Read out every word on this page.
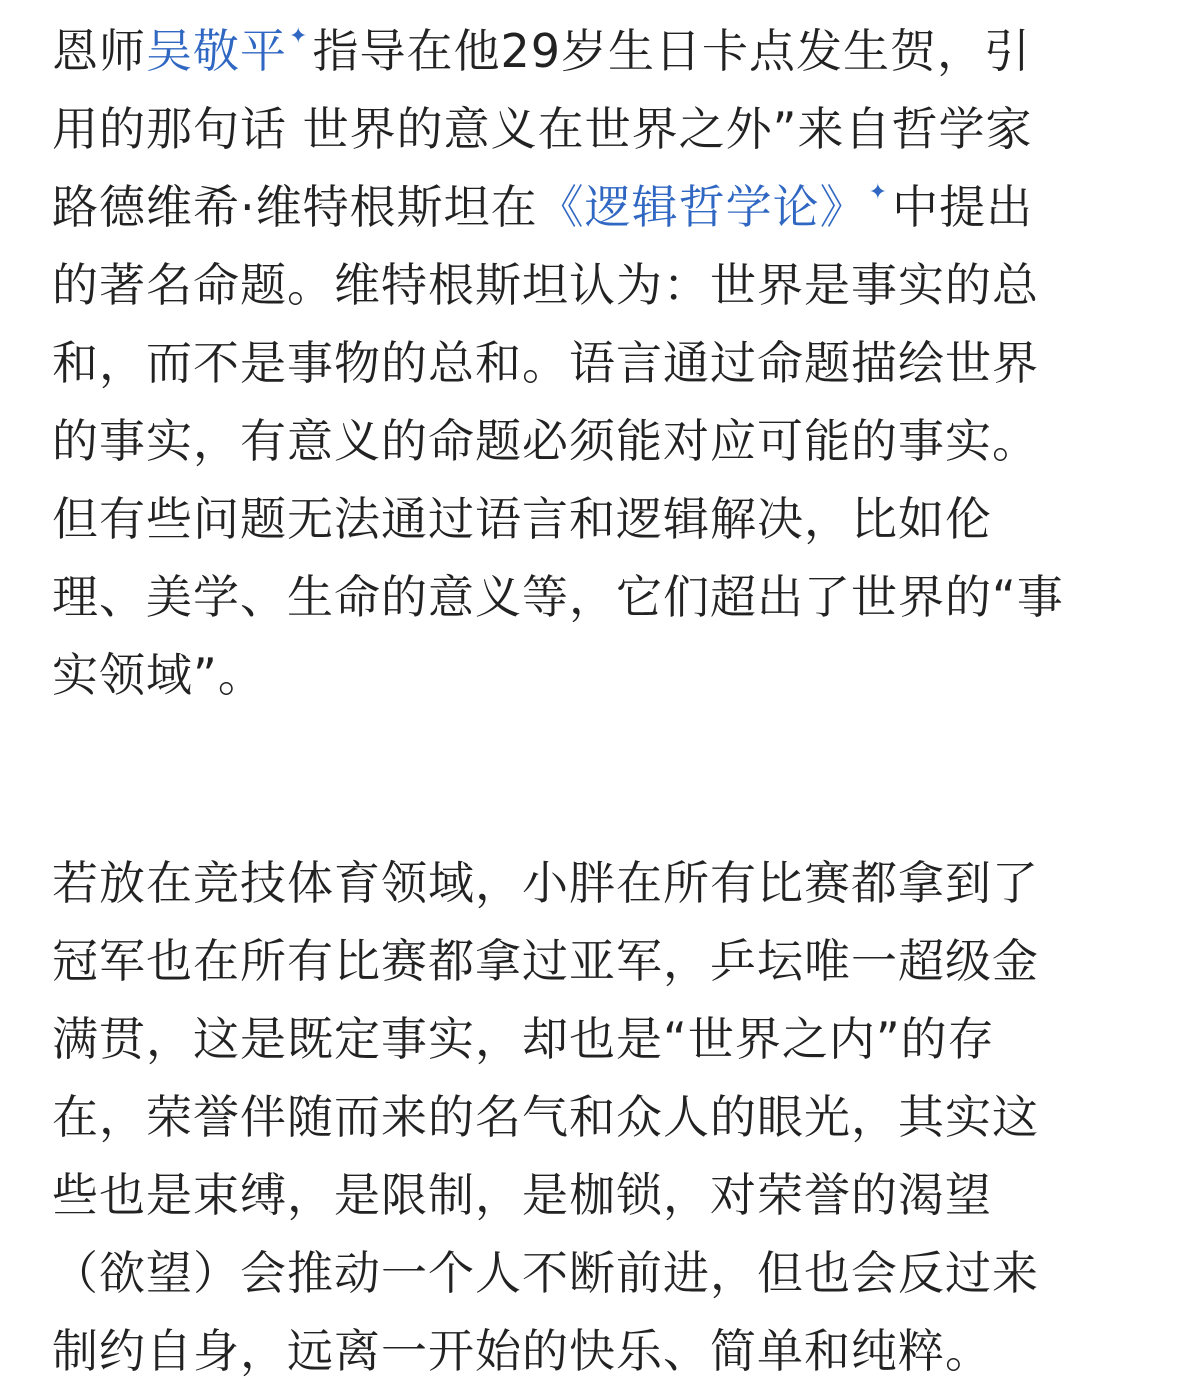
恩师吴敬平✦指导在他29岁生日卡点发生贺，引
用的那句话 世界的意义在世界之外”来自哲学家
路德维希·维特根斯坦在《逻辑哲学论》✦中提出
的著名命题。维特根斯坦认为：世界是事实的总
和，而不是事物的总和。语言通过命题描绘世界
的事实，有意义的命题必须能对应可能的事实。
但有些问题无法通过语言和逻辑解决，比如伦
理、美学、生命的意义等，它们超出了世界的“事
实领域”。
若放在竞技体育领域，小胖在所有比赛都拿到了
冠军也在所有比赛都拿过亚军，乒坛唯一超级金
满贯，这是既定事实，却也是“世界之内”的存
在，荣誉伴随而来的名气和众人的眼光，其实这
些也是束缚，是限制，是枷锁，对荣誉的渴望
（欲望）会推动一个人不断前进，但也会反过来
制约自身，远离一开始的快乐、简单和纯粹。
